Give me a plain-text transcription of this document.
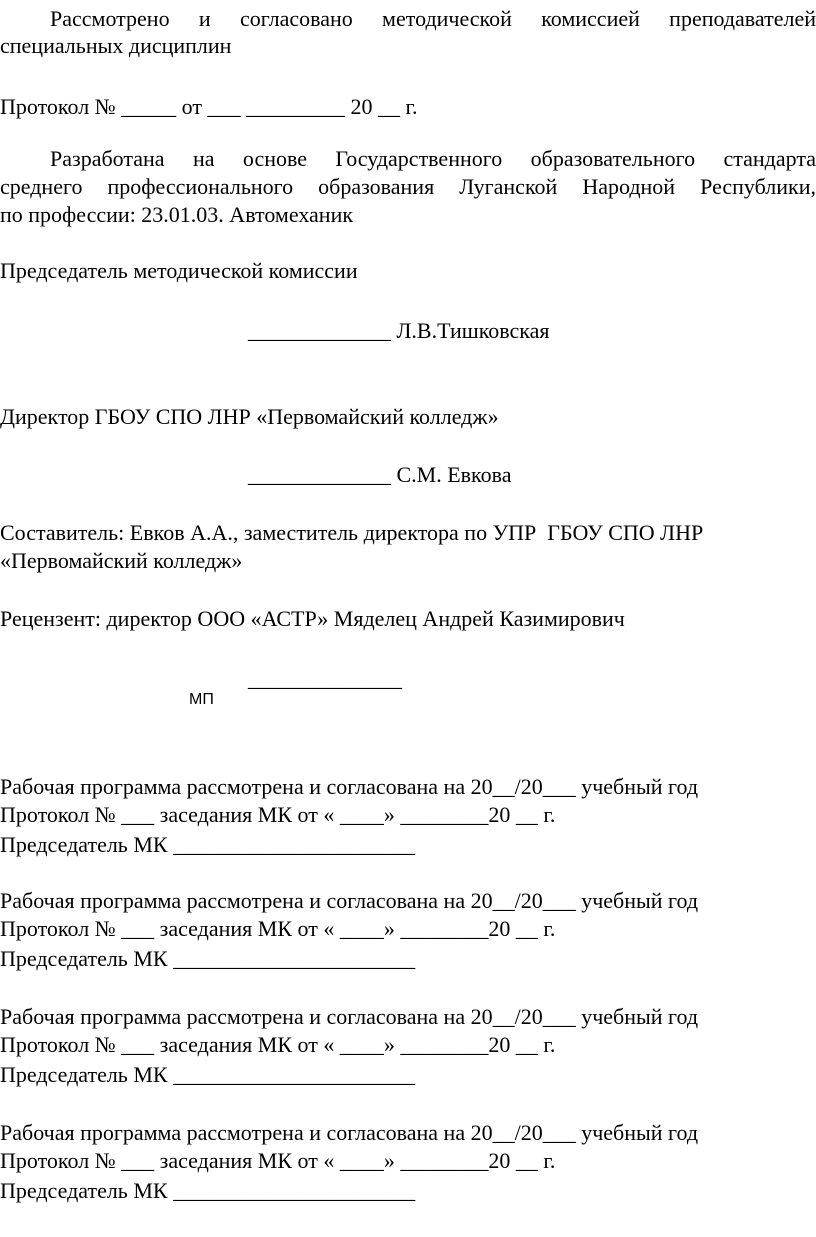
Рассмотрено и согласовано методической комиссией преподавателей
специальных дисциплин
Протокол № _____ от ___ _________ 20 __ г.
Разработана на основе Государственного образовательного стандарта
среднего профессионального образования Луганской Народной Республики,
по профессии: 23.01.03. Автомеханик
Председатель методической комиссии
_____________ Л.В.Тишковская
Директор ГБОУ СПО ЛНР «Первомайский колледж»
_____________ С.М. Евкова
Составитель: Евков А.А., заместитель директора по УПР  ГБОУ СПО ЛНР
«Первомайский колледж»
Рецензент: директор ООО «АСТР» Мяделец Андрей Казимирович
______________
МП
Рабочая программа рассмотрена и согласована на 20__/20___ учебный год
Протокол № ___ заседания МК от « ____» ________20 __ г.
Председатель МК ______________________
Рабочая программа рассмотрена и согласована на 20__/20___ учебный год
Протокол № ___ заседания МК от « ____» ________20 __ г.
Председатель МК ______________________
Рабочая программа рассмотрена и согласована на 20__/20___ учебный год
Протокол № ___ заседания МК от « ____» ________20 __ г.
Председатель МК ______________________
Рабочая программа рассмотрена и согласована на 20__/20___ учебный год
Протокол № ___ заседания МК от « ____» ________20 __ г.
Председатель МК ______________________
